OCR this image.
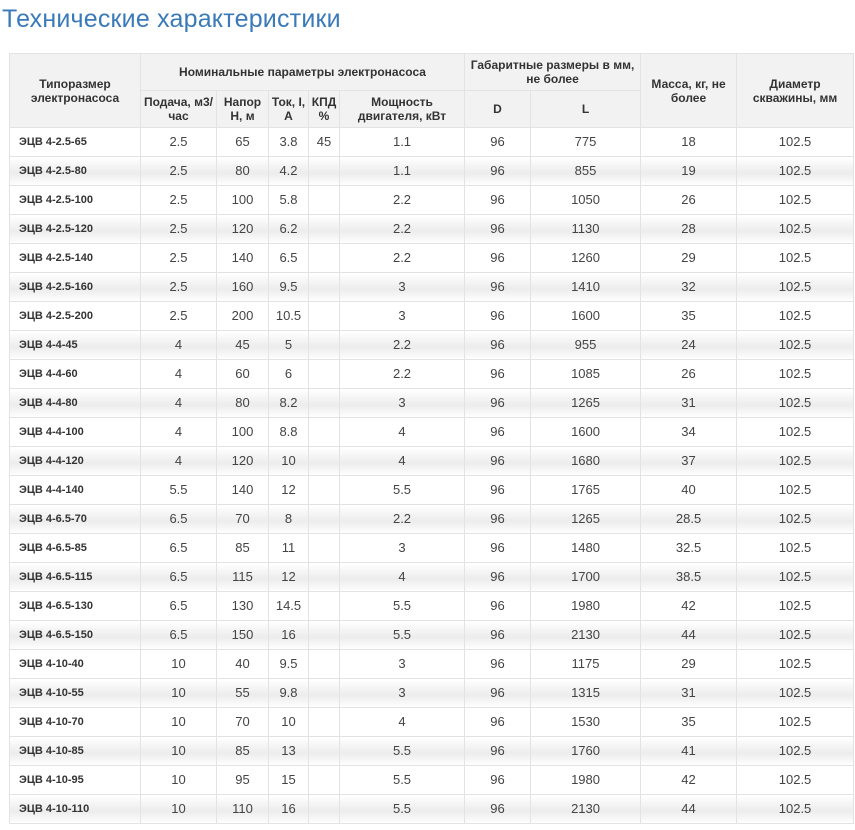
Технические характеристики
Типоразмер электронасоса	Номинальные параметры электронасоса					Габаритные размеры в мм, не более		Масса, кг, не более	Диаметр скважины, мм
	Подача, м3/час	Напор Н, м	Ток, I, A	КПД %	Мощность двигателя, кВт	D	L		
ЭЦВ 4-2.5-65	2.5	65	3.8	45	1.1	96	775	18	102.5
ЭЦВ 4-2.5-80	2.5	80	4.2		1.1	96	855	19	102.5
ЭЦВ 4-2.5-100	2.5	100	5.8		2.2	96	1050	26	102.5
ЭЦВ 4-2.5-120	2.5	120	6.2		2.2	96	1130	28	102.5
ЭЦВ 4-2.5-140	2.5	140	6.5		2.2	96	1260	29	102.5
ЭЦВ 4-2.5-160	2.5	160	9.5		3	96	1410	32	102.5
ЭЦВ 4-2.5-200	2.5	200	10.5		3	96	1600	35	102.5
ЭЦВ 4-4-45	4	45	5		2.2	96	955	24	102.5
ЭЦВ 4-4-60	4	60	6		2.2	96	1085	26	102.5
ЭЦВ 4-4-80	4	80	8.2		3	96	1265	31	102.5
ЭЦВ 4-4-100	4	100	8.8		4	96	1600	34	102.5
ЭЦВ 4-4-120	4	120	10		4	96	1680	37	102.5
ЭЦВ 4-4-140	5.5	140	12		5.5	96	1765	40	102.5
ЭЦВ 4-6.5-70	6.5	70	8		2.2	96	1265	28.5	102.5
ЭЦВ 4-6.5-85	6.5	85	11		3	96	1480	32.5	102.5
ЭЦВ 4-6.5-115	6.5	115	12		4	96	1700	38.5	102.5
ЭЦВ 4-6.5-130	6.5	130	14.5		5.5	96	1980	42	102.5
ЭЦВ 4-6.5-150	6.5	150	16		5.5	96	2130	44	102.5
ЭЦВ 4-10-40	10	40	9.5		3	96	1175	29	102.5
ЭЦВ 4-10-55	10	55	9.8		3	96	1315	31	102.5
ЭЦВ 4-10-70	10	70	10		4	96	1530	35	102.5
ЭЦВ 4-10-85	10	85	13		5.5	96	1760	41	102.5
ЭЦВ 4-10-95	10	95	15		5.5	96	1980	42	102.5
ЭЦВ 4-10-110	10	110	16		5.5	96	2130	44	102.5
